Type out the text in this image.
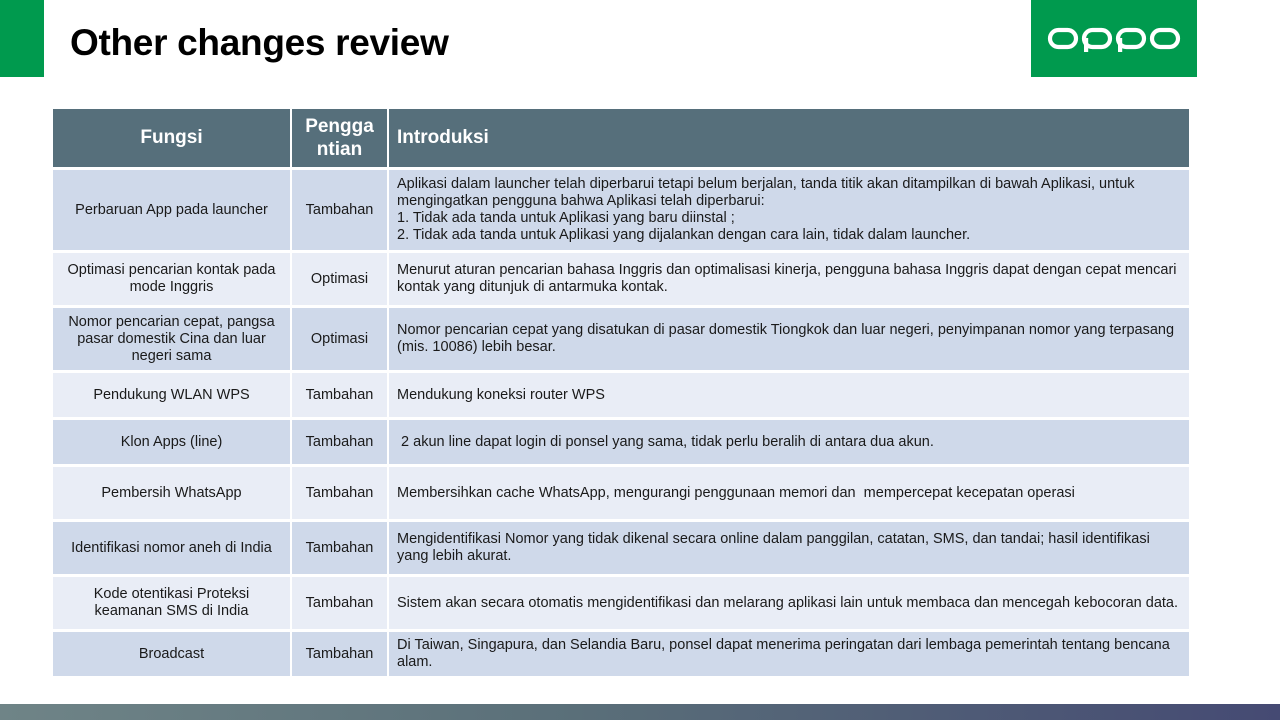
Other changes review
Fungsi	Pengga ntian	Introduksi
Perbaruan App pada launcher	Tambahan	Aplikasi dalam launcher telah diperbarui tetapi belum berjalan, tanda titik akan ditampilkan di bawah Aplikasi, untuk mengingatkan pengguna bahwa Aplikasi telah diperbarui:
1. Tidak ada tanda untuk Aplikasi yang baru diinstal ;
2. Tidak ada tanda untuk Aplikasi yang dijalankan dengan cara lain, tidak dalam launcher.

Optimasi pencarian kontak pada mode Inggris	Optimasi	Menurut aturan pencarian bahasa Inggris dan optimalisasi kinerja, pengguna bahasa Inggris dapat dengan cepat mencari kontak yang ditunjuk di antarmuka kontak.

Nomor pencarian cepat, pangsa pasar domestik Cina dan luar negeri sama	Optimasi	Nomor pencarian cepat yang disatukan di pasar domestik Tiongkok dan luar negeri, penyimpanan nomor yang terpasang (mis. 10086) lebih besar.

Pendukung WLAN WPS	Tambahan	Mendukung koneksi router WPS

Klon Apps (line)	Tambahan	2 akun line dapat login di ponsel yang sama, tidak perlu beralih di antara dua akun.

Pembersih WhatsApp	Tambahan	Membersihkan cache WhatsApp, mengurangi penggunaan memori dan  mempercepat kecepatan operasi

Identifikasi nomor aneh di India	Tambahan	Mengidentifikasi Nomor yang tidak dikenal secara online dalam panggilan, catatan, SMS, dan tandai; hasil identifikasi yang lebih akurat.

Kode otentikasi Proteksi keamanan SMS di India	Tambahan	Sistem akan secara otomatis mengidentifikasi dan melarang aplikasi lain untuk membaca dan mencegah kebocoran data.

Broadcast	Tambahan	Di Taiwan, Singapura, dan Selandia Baru, ponsel dapat menerima peringatan dari lembaga pemerintah tentang bencana alam.
